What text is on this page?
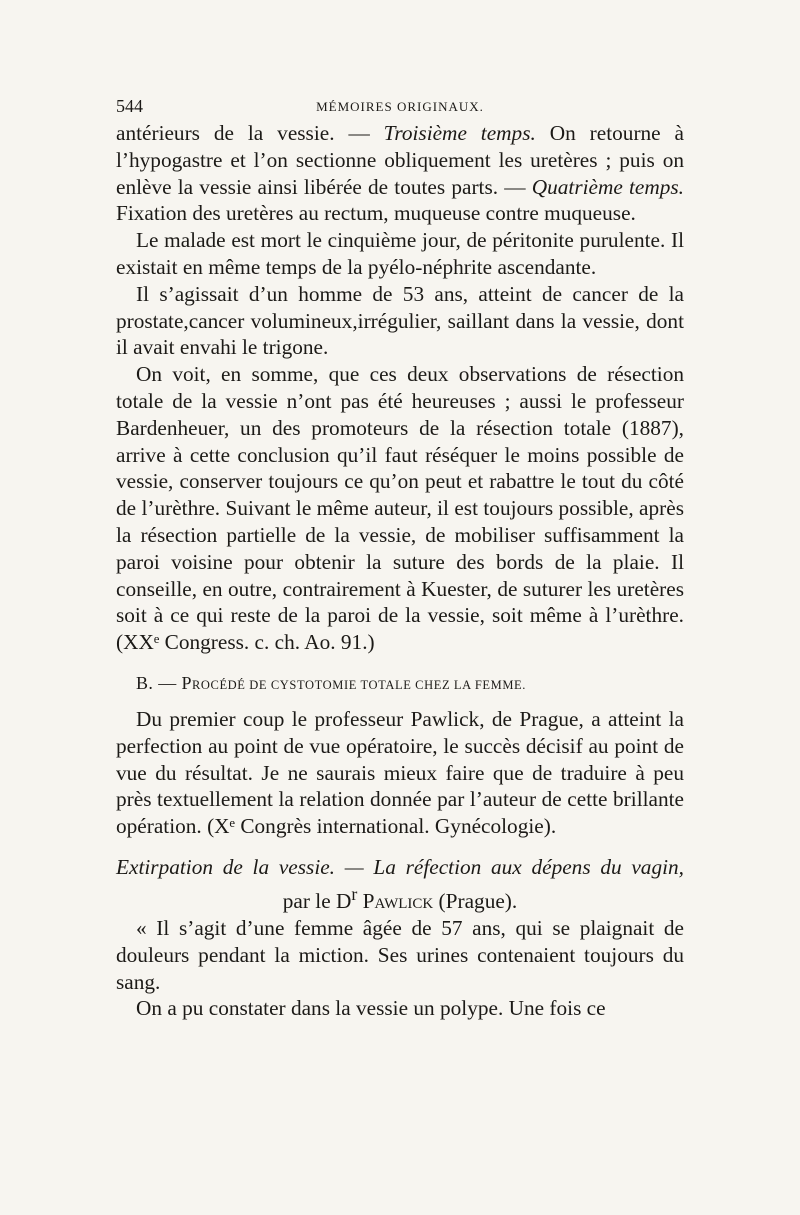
544	MÉMOIRES ORIGINAUX.

antérieurs de la vessie. — Troisième temps. On retourne à l’hypogastre et l’on sectionne obliquement les uretères ; puis on enlève la vessie ainsi libérée de toutes parts. — Quatrième temps. Fixation des uretères au rectum, muqueuse contre muqueuse.

Le malade est mort le cinquième jour, de péritonite purulente. Il existait en même temps de la pyélo-néphrite ascendante.

Il s’agissait d’un homme de 53 ans, atteint de cancer de la prostate,cancer volumineux,irrégulier, saillant dans la vessie, dont il avait envahi le trigone.

On voit, en somme, que ces deux observations de résection totale de la vessie n’ont pas été heureuses ; aussi le professeur Bardenheuer, un des promoteurs de la résection totale (1887), arrive à cette conclusion qu’il faut réséquer le moins possible de vessie, conserver toujours ce qu’on peut et rabattre le tout du côté de l’urèthre. Suivant le même auteur, il est toujours possible, après la résection partielle de la vessie, de mobiliser suffisamment la paroi voisine pour obtenir la suture des bords de la plaie. Il conseille, en outre, contrairement à Kuester, de suturer les uretères soit à ce qui reste de la paroi de la vessie, soit même à l’urèthre. (XXᵉ Congress. c. ch. Ao. 91.)

B. — PROCÉDÉ DE CYSTOTOMIE TOTALE CHEZ LA FEMME.

Du premier coup le professeur Pawlick, de Prague, a atteint la perfection au point de vue opératoire, le succès décisif au point de vue du résultat. Je ne saurais mieux faire que de traduire à peu près textuellement la relation donnée par l’auteur de cette brillante opération. (Xᵉ Congrès international. Gynécologie).

Extirpation de la vessie. — La réfection aux dépens du vagin,
par le $D^r$ Pawlick (Prague).

« Il s’agit d’une femme âgée de 57 ans, qui se plaignait de douleurs pendant la miction. Ses urines contenaient toujours du sang.

On a pu constater dans la vessie un polype. Une fois ce
